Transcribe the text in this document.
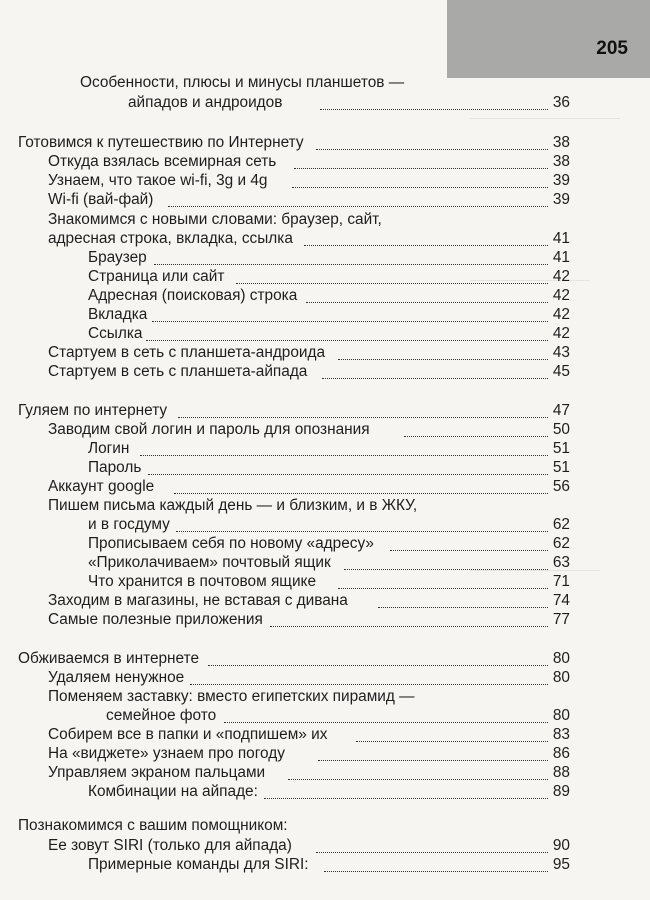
205
Особенности, плюсы и минусы планшетов —
айпадов и андроидов	36
Готовимся к путешествию по Интернету	38
Откуда взялась всемирная сеть	38
Узнаем, что такое wi-fi, 3g и 4g	39
Wi-fi (вай-фай)	39
Знакомимся с новыми словами: браузер, сайт,
адресная строка, вкладка, ссылка	41
Браузер	41
Страница или сайт	42
Адресная (поисковая) строка	42
Вкладка	42
Ссылка	42
Стартуем в сеть с планшета-андроида	43
Стартуем в сеть с планшета-айпада	45
Гуляем по интернету	47
Заводим свой логин и пароль для опознания	50
Логин	51
Пароль	51
Аккаунт google	56
Пишем письма каждый день — и близким, и в ЖКУ,
и в госдуму	62
Прописываем себя по новому «адресу»	62
«Приколачиваем» почтовый ящик	63
Что хранится в почтовом ящике	71
Заходим в магазины, не вставая с дивана	74
Самые полезные приложения	77
Обживаемся в интернете	80
Удаляем ненужное	80
Поменяем заставку: вместо египетских пирамид —
семейное фото	80
Собирем все в папки и «подпишем» их	83
На «виджете» узнаем про погоду	86
Управляем экраном пальцами	88
Комбинации на айпаде:	89
Познакомимся с вашим помощником:
Ее зовут SIRI (только для айпада)	90
Примерные команды для SIRI:	95
